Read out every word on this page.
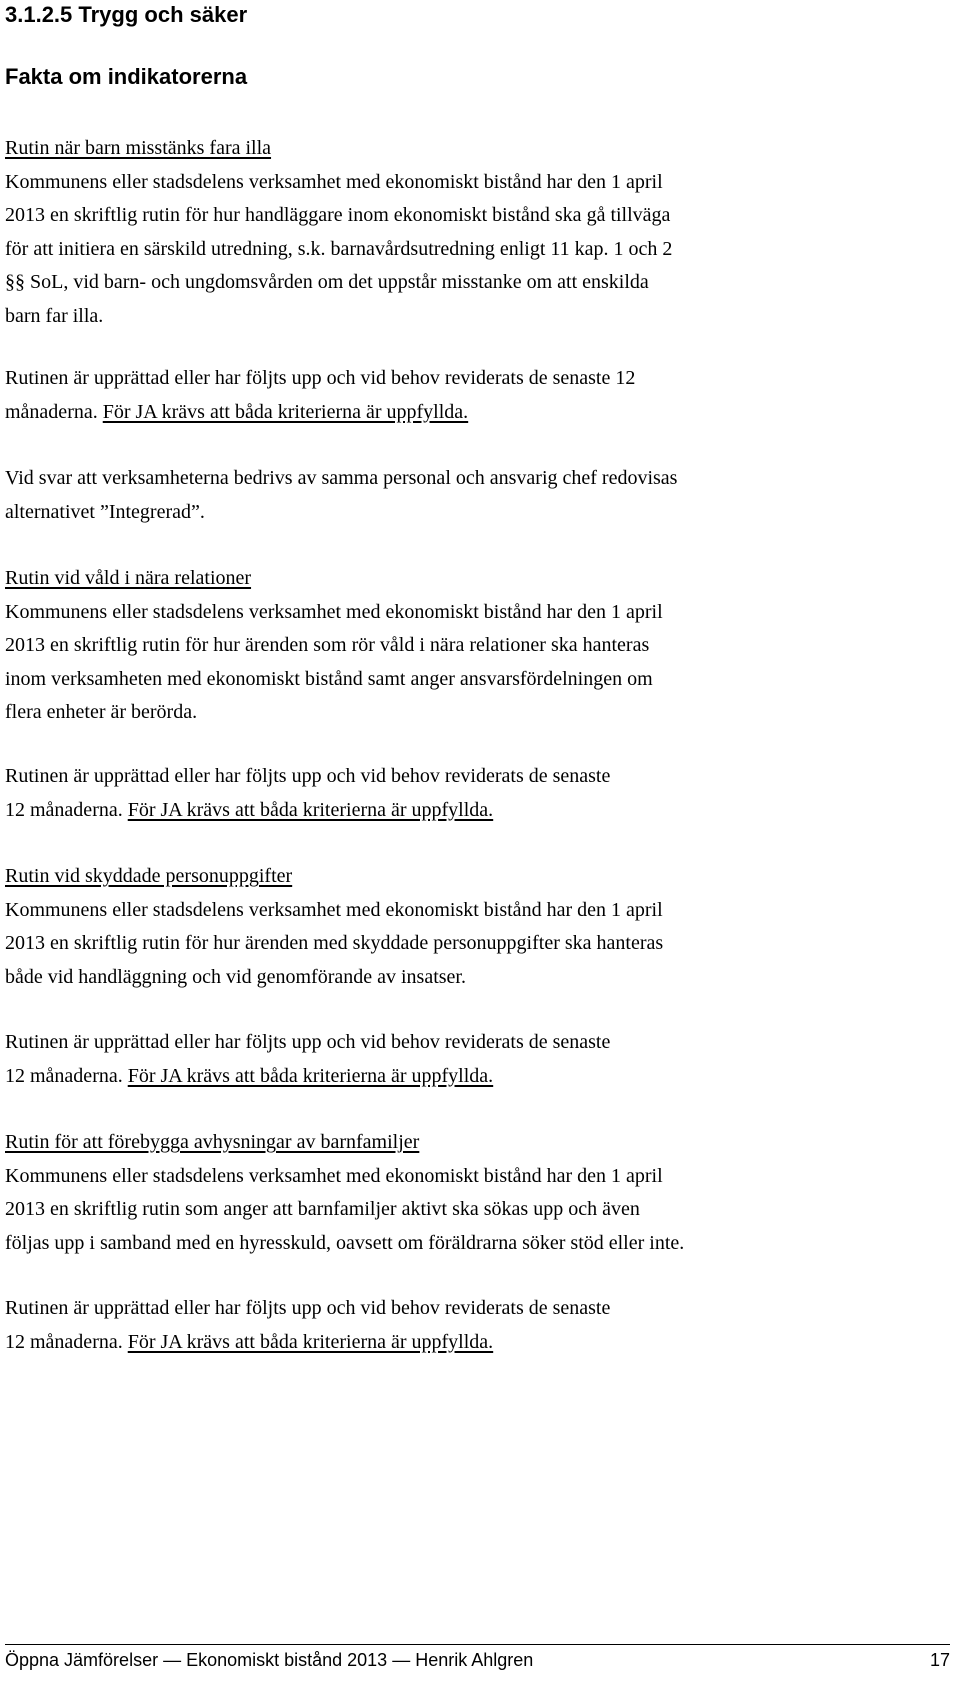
3.1.2.5 Trygg och säker
Fakta om indikatorerna
Rutin när barn misstänks fara illa
Kommunens eller stadsdelens verksamhet med ekonomiskt bistånd har den 1 april
2013 en skriftlig rutin för hur handläggare inom ekonomiskt bistånd ska gå tillväga
för att initiera en särskild utredning, s.k. barnavårdsutredning enligt 11 kap. 1 och 2
§§ SoL, vid barn- och ungdomsvården om det uppstår misstanke om att enskilda
barn far illa.
Rutinen är upprättad eller har följts upp och vid behov reviderats de senaste 12
månaderna. För JA krävs att båda kriterierna är uppfyllda.
Vid svar att verksamheterna bedrivs av samma personal och ansvarig chef redovisas
alternativet ”Integrerad”.
Rutin vid våld i nära relationer
Kommunens eller stadsdelens verksamhet med ekonomiskt bistånd har den 1 april
2013 en skriftlig rutin för hur ärenden som rör våld i nära relationer ska hanteras
inom verksamheten med ekonomiskt bistånd samt anger ansvarsfördelningen om
flera enheter är berörda.
Rutinen är upprättad eller har följts upp och vid behov reviderats de senaste
12 månaderna. För JA krävs att båda kriterierna är uppfyllda.
Rutin vid skyddade personuppgifter
Kommunens eller stadsdelens verksamhet med ekonomiskt bistånd har den 1 april
2013 en skriftlig rutin för hur ärenden med skyddade personuppgifter ska hanteras
både vid handläggning och vid genomförande av insatser.
Rutinen är upprättad eller har följts upp och vid behov reviderats de senaste
12 månaderna. För JA krävs att båda kriterierna är uppfyllda.
Rutin för att förebygga avhysningar av barnfamiljer
Kommunens eller stadsdelens verksamhet med ekonomiskt bistånd har den 1 april
2013 en skriftlig rutin som anger att barnfamiljer aktivt ska sökas upp och även
följas upp i samband med en hyresskuld, oavsett om föräldrarna söker stöd eller inte.
Rutinen är upprättad eller har följts upp och vid behov reviderats de senaste
12 månaderna. För JA krävs att båda kriterierna är uppfyllda.
Öppna Jämförelser — Ekonomiskt bistånd 2013 — Henrik Ahlgren	17
